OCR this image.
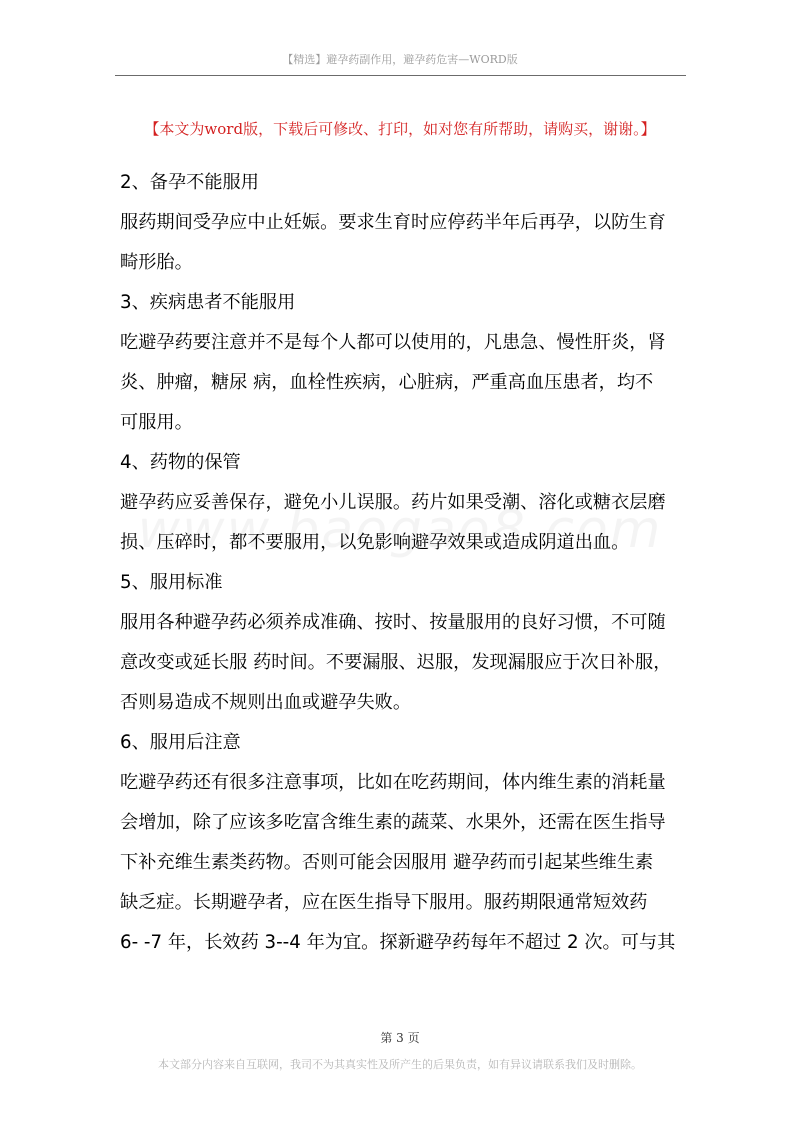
【精选】避孕药副作用，避孕药危害—WORD版
【本文为word版，下载后可修改、打印，如对您有所帮助，请购买，谢谢。】
2、备孕不能服用
服药期间受孕应中止妊娠。要求生育时应停药半年后再孕，以防生育
畸形胎。
3、疾病患者不能服用
吃避孕药要注意并不是每个人都可以使用的，凡患急、慢性肝炎，肾
炎、肿瘤，糖尿 病，血栓性疾病，心脏病，严重高血压患者，均不
可服用。
4、药物的保管
避孕药应妥善保存，避免小儿误服。药片如果受潮、溶化或糖衣层磨
损、压碎时，都不要服用，以免影响避孕效果或造成阴道出血。
5、服用标准
服用各种避孕药必须养成准确、按时、按量服用的良好习惯，不可随
意改变或延长服 药时间。不要漏服、迟服，发现漏服应于次日补服，
否则易造成不规则出血或避孕失败。
6、服用后注意
吃避孕药还有很多注意事项，比如在吃药期间，体内维生素的消耗量
会增加，除了应该多吃富含维生素的蔬菜、水果外，还需在医生指导
下补充维生素类药物。否则可能会因服用 避孕药而引起某些维生素
缺乏症。长期避孕者，应在医生指导下服用。服药期限通常短效药
6- -7 年，长效药 3--4 年为宜。探新避孕药每年不超过 2 次。可与其
第 3 页
本文部分内容来自互联网，我司不为其真实性及所产生的后果负责，如有异议请联系我们及时删除。
